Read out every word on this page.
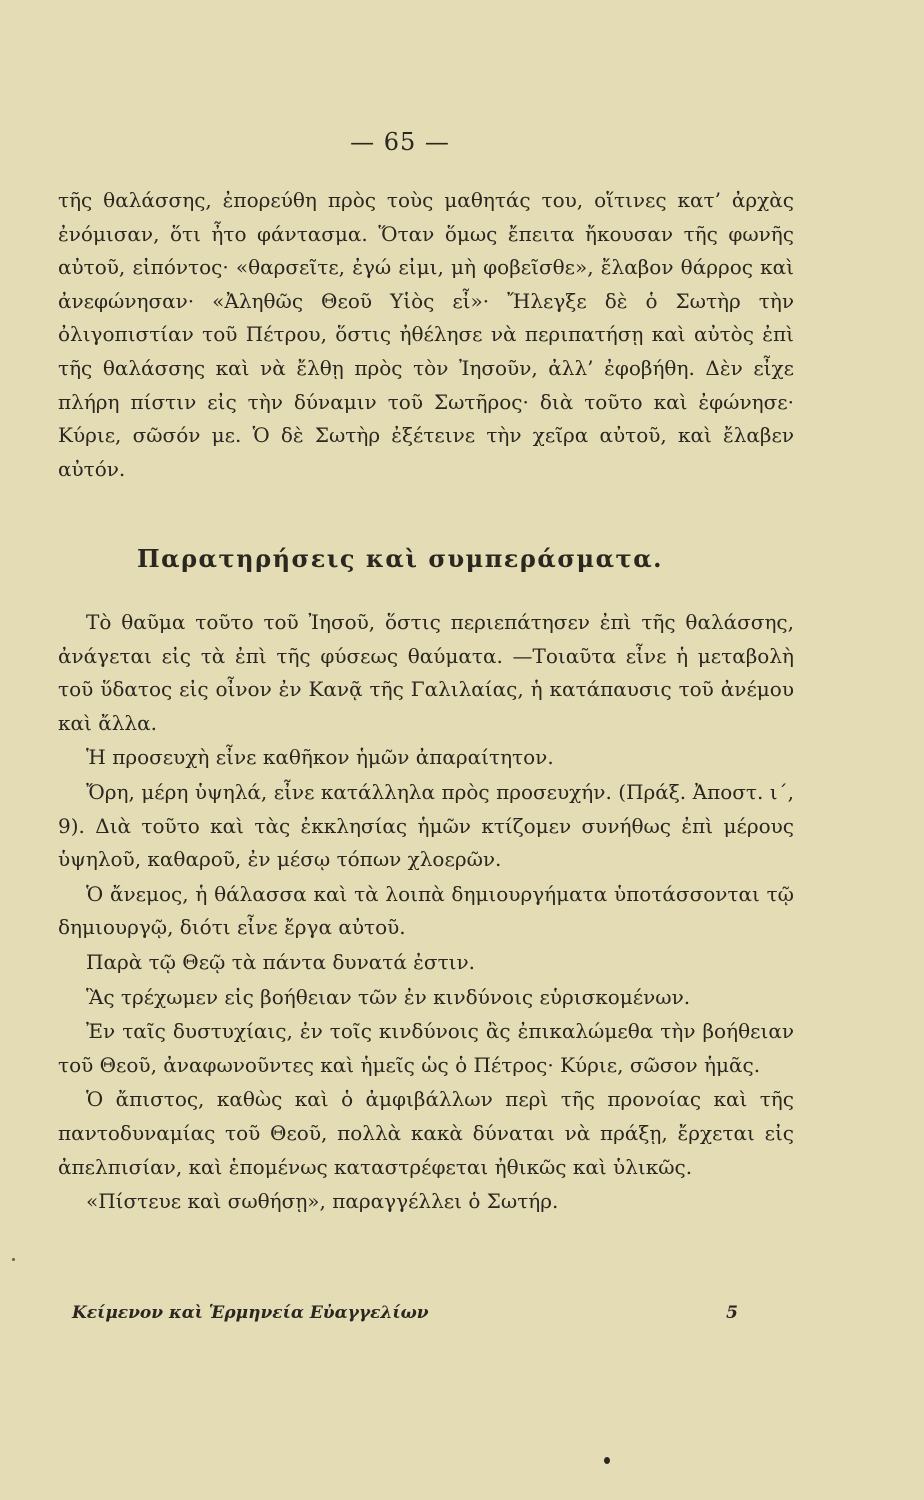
— 65 —

τῆς θαλάσσης, ἐπορεύθη πρὸς τοὺς μαθητάς του, οἵτινες κατ’ ἀρχὰς ἐνόμισαν, ὅτι ἦτο φάντασμα. Ὅταν ὅμως ἔπειτα ἤκουσαν τῆς φωνῆς αὐτοῦ, εἰπόντος· «θαρσεῖτε, ἐγώ εἰμι, μὴ φοβεῖσθε», ἔλαβον θάρρος καὶ ἀνεφώνησαν· «Ἀληθῶς Θεοῦ Υἱὸς εἶ»· Ἤλεγξε δὲ ὁ Σωτὴρ τὴν ὀλιγοπιστίαν τοῦ Πέτρου, ὅστις ἠθέλησε νὰ περιπατήσῃ καὶ αὐτὸς ἐπὶ τῆς θαλάσσης καὶ νὰ ἔλθῃ πρὸς τὸν Ἰησοῦν, ἀλλ’ ἐφοβήθη. Δὲν εἶχε πλήρη πίστιν εἰς τὴν δύναμιν τοῦ Σωτῆρος· διὰ τοῦτο καὶ ἐφώνησε· Κύριε, σῶσόν με. Ὁ δὲ Σωτὴρ ἐξέτεινε τὴν χεῖρα αὐτοῦ, καὶ ἔλαβεν αὐτόν.

Παρατηρήσεις καὶ συμπεράσματα.

Τὸ θαῦμα τοῦτο τοῦ Ἰησοῦ, ὅστις περιεπάτησεν ἐπὶ τῆς θαλάσσης, ἀνάγεται εἰς τὰ ἐπὶ τῆς φύσεως θαύματα. —Τοιαῦτα εἶνε ἡ μεταβολὴ τοῦ ὕδατος εἰς οἶνον ἐν Κανᾷ τῆς Γαλιλαίας, ἡ κατάπαυσις τοῦ ἀνέμου καὶ ἄλλα.

Ἡ προσευχὴ εἶνε καθῆκον ἡμῶν ἀπαραίτητον.

Ὄρη, μέρη ὑψηλά, εἶνε κατάλληλα πρὸς προσευχήν. (Πράξ. Ἀποστ. ι΄, 9). Διὰ τοῦτο καὶ τὰς ἐκκλησίας ἡμῶν κτίζομεν συνήθως ἐπὶ μέρους ὑψηλοῦ, καθαροῦ, ἐν μέσῳ τόπων χλοερῶν.

Ὁ ἄνεμος, ἡ θάλασσα καὶ τὰ λοιπὰ δημιουργήματα ὑποτάσσονται τῷ δημιουργῷ, διότι εἶνε ἔργα αὐτοῦ.

Παρὰ τῷ Θεῷ τὰ πάντα δυνατά ἐστιν.

Ἃς τρέχωμεν εἰς βοήθειαν τῶν ἐν κινδύνοις εὑρισκομένων.

Ἐν ταῖς δυστυχίαις, ἐν τοῖς κινδύνοις ἂς ἐπικαλώμεθα τὴν βοήθειαν τοῦ Θεοῦ, ἀναφωνοῦντες καὶ ἡμεῖς ὡς ὁ Πέτρος· Κύριε, σῶσον ἡμᾶς.

Ὁ ἄπιστος, καθὼς καὶ ὁ ἀμφιβάλλων περὶ τῆς προνοίας καὶ τῆς παντοδυναμίας τοῦ Θεοῦ, πολλὰ κακὰ δύναται νὰ πράξῃ, ἔρχεται εἰς ἀπελπισίαν, καὶ ἑπομένως καταστρέφεται ἠθικῶς καὶ ὑλικῶς.

«Πίστευε καὶ σωθήσῃ», παραγγέλλει ὁ Σωτήρ.

Κείμενον καὶ Ἑρμηνεία Εὐαγγελίων	5
